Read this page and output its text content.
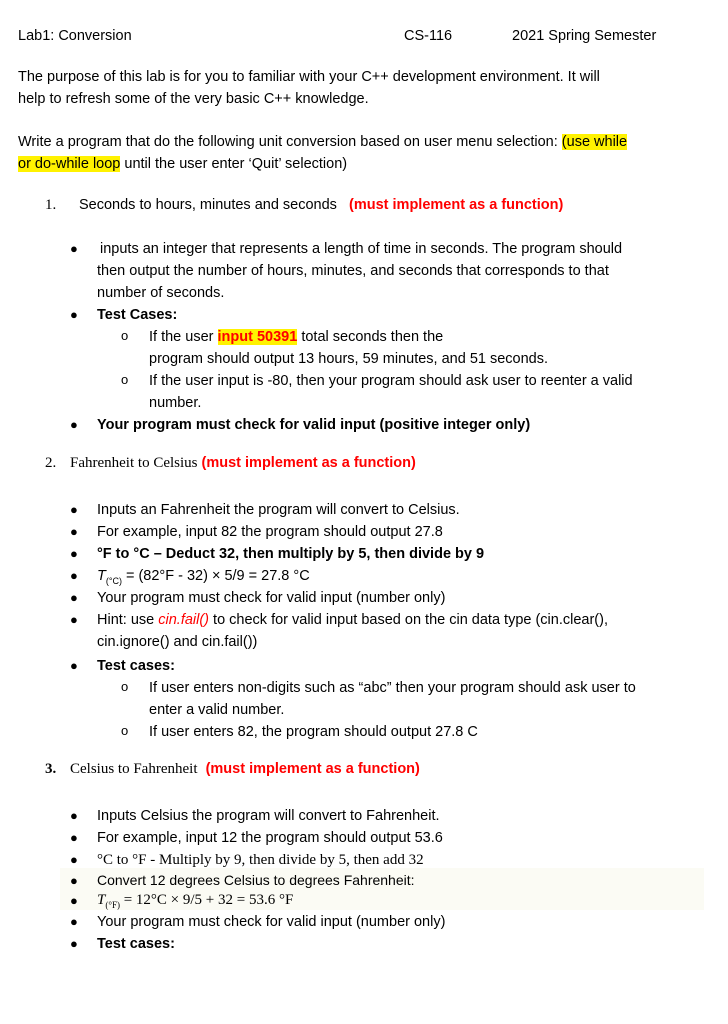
Lab1: Conversion	CS-116	2021 Spring Semester
The purpose of this lab is for you to familiar with your C++ development environment. It will
help to refresh some of the very basic C++ knowledge.
Write a program that do the following unit conversion based on user menu selection: (use while
or do-while loop until the user enter ‘Quit’ selection)
1. Seconds to hours, minutes and seconds (must implement as a function)
● inputs an integer that represents a length of time in seconds. The program should
then output the number of hours, minutes, and seconds that corresponds to that
number of seconds.
● Test Cases:
o If the user input 50391 total seconds then the
program should output 13 hours, 59 minutes, and 51 seconds.
o If the user input is -80, then your program should ask user to reenter a valid
number.
● Your program must check for valid input (positive integer only)
2. Fahrenheit to Celsius (must implement as a function)
● Inputs an Fahrenheit the program will convert to Celsius.
● For example, input 82 the program should output 27.8
● °F to °C – Deduct 32, then multiply by 5, then divide by 9
● $T_{(^\circ C)} = (82^\circ F - 32) \times 5/9 = 27.8$ °C
● Your program must check for valid input (number only)
● Hint: use cin.fail() to check for valid input based on the cin data type (cin.clear(),
cin.ignore() and cin.fail())
● Test cases:
o If user enters non-digits such as “abc” then your program should ask user to
enter a valid number.
o If user enters 82, the program should output 27.8 C
3. Celsius to Fahrenheit (must implement as a function)
● Inputs Celsius the program will convert to Fahrenheit.
● For example, input 12 the program should output 53.6
● °C to °F - Multiply by 9, then divide by 5, then add 32
● Convert 12 degrees Celsius to degrees Fahrenheit:
● $T_{(^\circ F)} = 12^\circ C \times 9/5 + 32 = 53.6$ °F
● Your program must check for valid input (number only)
● Test cases:
